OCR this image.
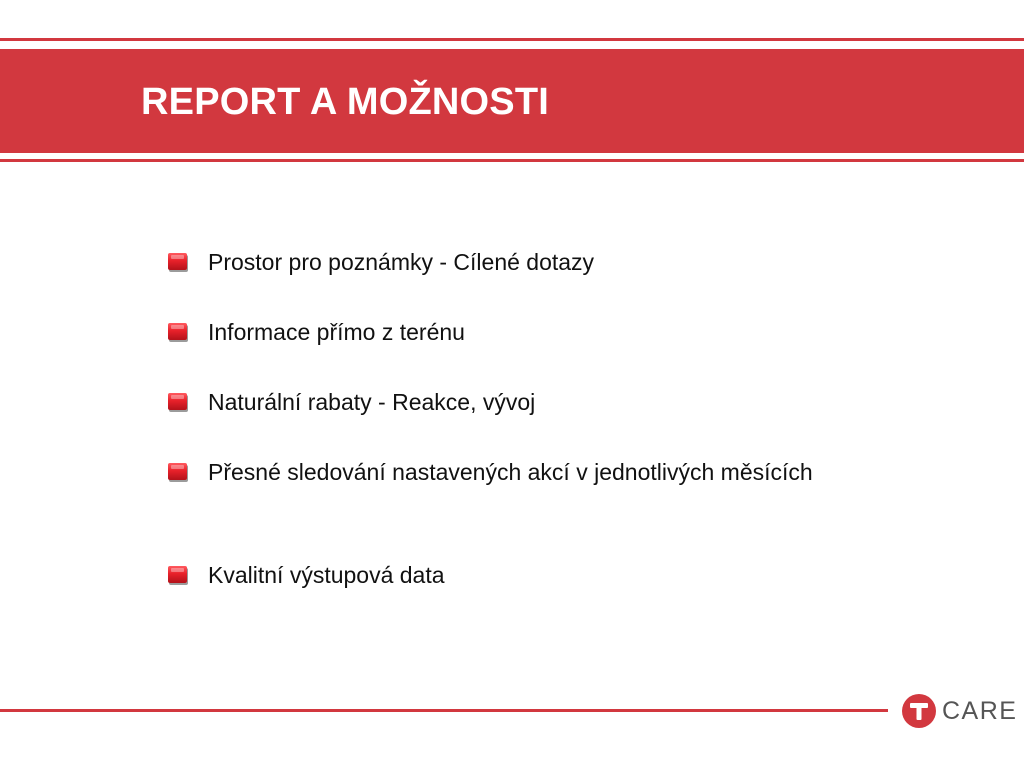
REPORT A MOŽNOSTI

Prostor pro poznámky - Cílené dotazy

Informace přímo z terénu

Naturální rabaty - Reakce, vývoj

Přesné sledování nastavených akcí v jednotlivých měsících

Kvalitní výstupová data

CARE
